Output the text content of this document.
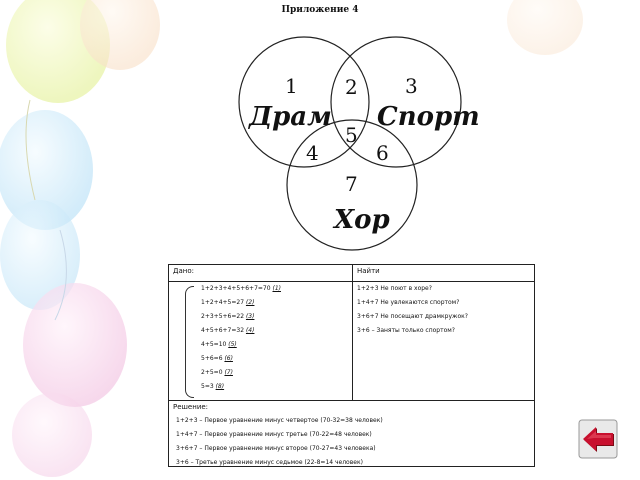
Приложение 4
1 2 3
4
5
6
7
Драм Спорт
Хор
Дано:	Найти
1+2+3+4+5+6+7=70 (1)
1+2+4+5=27 (2)
2+3+5+6=22 (3)
4+5+6+7=32 (4)
4+5=10 (5)
5+6=6 (6)
2+5=0 (7)
5=3 (8)
1+2+3 Не поют в хоре?
1+4+7 Не увлекаются спортом?
3+6+7 Не посещают драмкружок?
3+6 – Заняты только спортом?
Решение:
1+2+3 – Первое уравнение минус четвертое (70-32=38 человек)
1+4+7 – Первое уравнение минус третье (70-22=48 человек)
3+6+7 – Первое уравнение минус второе (70-27=43 человека)
3+6 – Третье уравнение минус седьмое (22-8=14 человек)
